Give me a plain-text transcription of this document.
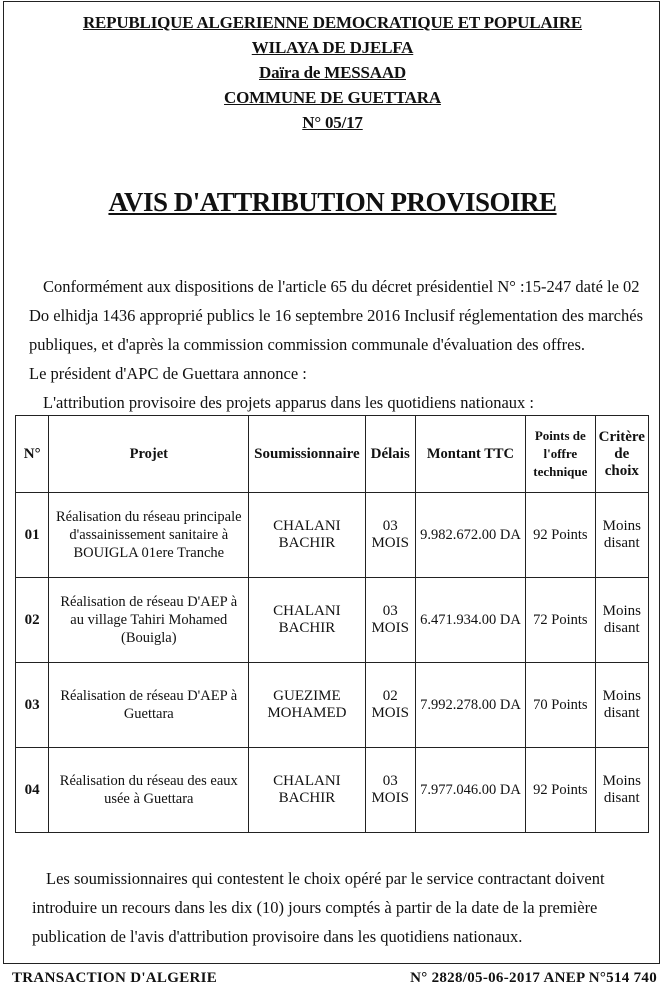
REPUBLIQUE ALGERIENNE DEMOCRATIQUE ET POPULAIRE
WILAYA DE DJELFA
Daïra de MESSAAD
COMMUNE DE GUETTARA
N° 05/17
AVIS D'ATTRIBUTION PROVISOIRE
Conformément aux dispositions de l'article 65 du décret présidentiel N° :15-247 daté le 02 Do elhidja 1436 approprié publics le 16 septembre 2016 Inclusif réglementation des marchés publiques, et d'après la commission commission communale d'évaluation des offres.
Le président d'APC de Guettara annonce :
L'attribution provisoire des projets apparus dans les quotidiens nationaux :
N°	Projet	Soumissionnaire	Délais	Montant TTC	Points de l'offre technique	Critère de choix
01	Réalisation du réseau principale d'assainissement sanitaire à BOUIGLA 01ere Tranche	CHALANI BACHIR	03 MOIS	9.982.672.00 DA	92 Points	Moins disant
02	Réalisation de réseau D'AEP à au village Tahiri Mohamed (Bouigla)	CHALANI BACHIR	03 MOIS	6.471.934.00 DA	72 Points	Moins disant
03	Réalisation de réseau D'AEP à Guettara	GUEZIME MOHAMED	02 MOIS	7.992.278.00 DA	70 Points	Moins disant
04	Réalisation du réseau des eaux usée à Guettara	CHALANI BACHIR	03 MOIS	7.977.046.00 DA	92 Points	Moins disant
Les soumissionnaires qui contestent le choix opéré par le service contractant doivent introduire un recours dans les dix (10) jours comptés à partir de la date de la première publication de l'avis d'attribution provisoire dans les quotidiens nationaux.
TRANSACTION D'ALGERIE	N° 2828/05-06-2017 ANEP N°514 740
